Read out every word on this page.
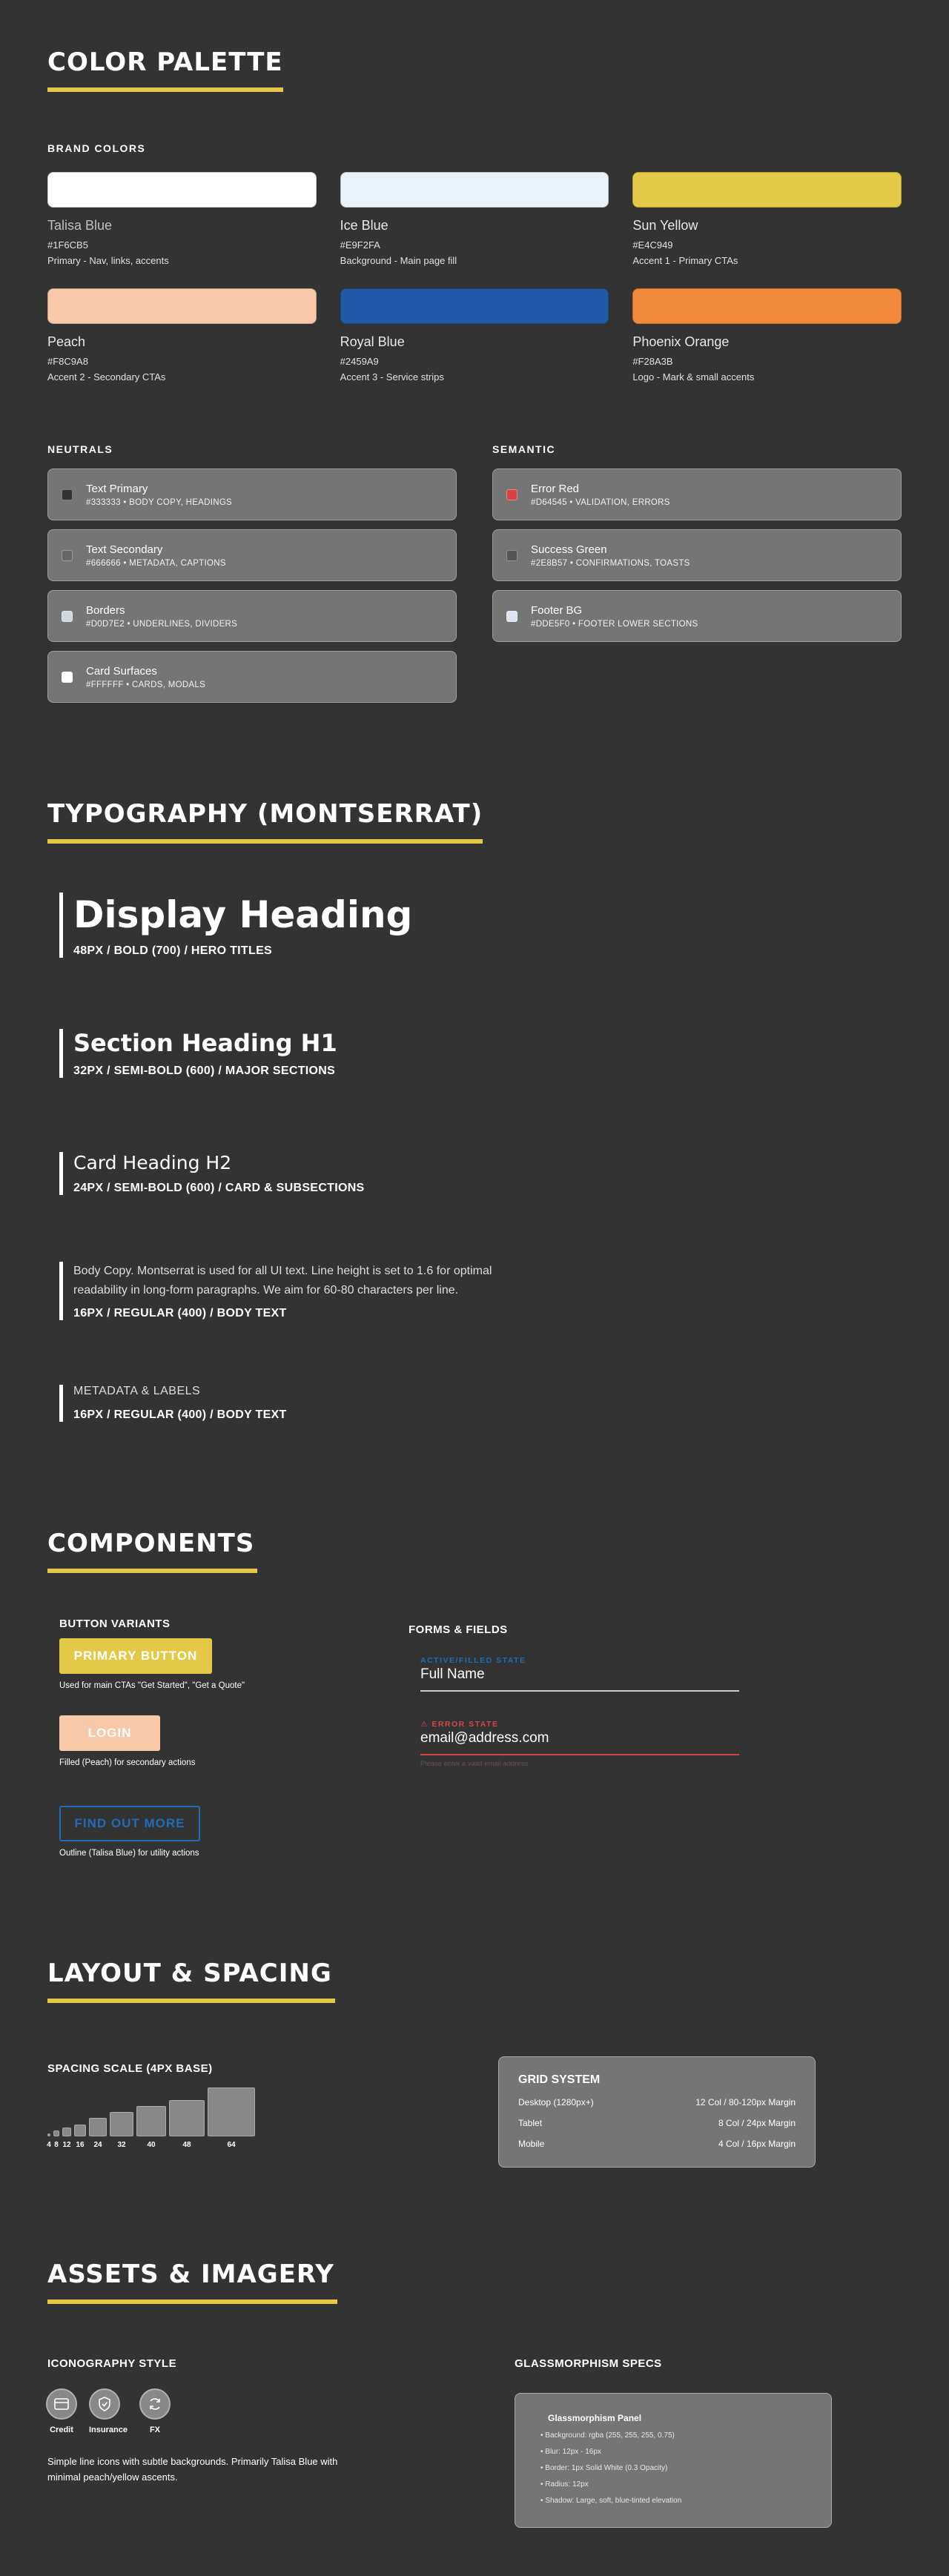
COLOR PALETTE
BRAND COLORS
Talisa Blue
#1F6CB5
Primary - Nav, links, accents
Ice Blue
#E9F2FA
Background - Main page fill
Sun Yellow
#E4C949
Accent 1 - Primary CTAs
Peach
#F8C9A8
Accent 2 - Secondary CTAs
Royal Blue
#2459A9
Accent 3 - Service strips
Phoenix Orange
#F28A3B
Logo - Mark & small accents
NEUTRALS	SEMANTIC
Text Primary
#333333 • BODY COPY, HEADINGS
Text Secondary
#666666 • METADATA, CAPTIONS
Borders
#D0D7E2 • UNDERLINES, DIVIDERS
Card Surfaces
#FFFFFF • CARDS, MODALS
Error Red
#D64545 • VALIDATION, ERRORS
Success Green
#2E8B57 • CONFIRMATIONS, TOASTS
Footer BG
#DDE5F0 • FOOTER LOWER SECTIONS
TYPOGRAPHY (MONTSERRAT)
Display Heading
48PX / BOLD (700) / HERO TITLES
Section Heading H1
32PX / SEMI-BOLD (600) / MAJOR SECTIONS
Card Heading H2
24PX / SEMI-BOLD (600) / CARD & SUBSECTIONS
Body Copy. Montserrat is used for all UI text. Line height is set to 1.6 for optimal
readability in long-form paragraphs. We aim for 60-80 characters per line.
16PX / REGULAR (400) / BODY TEXT
METADATA & LABELS
16PX / REGULAR (400) / BODY TEXT
COMPONENTS
BUTTON VARIANTS
PRIMARY BUTTON
Used for main CTAs "Get Started", "Get a Quote"
LOGIN
Filled (Peach) for secondary actions
FIND OUT MORE
Outline (Talisa Blue) for utility actions
FORMS & FIELDS
ACTIVE/FILLED STATE
Full Name
⚠ ERROR STATE
email@address.com
Please enter a valid email address
LAYOUT & SPACING
SPACING SCALE (4PX BASE)
4 8 12 16 24 32	40	48	64
GRID SYSTEM
Desktop (1280px+)	12 Col / 80-120px Margin
Tablet	8 Col / 24px Margin
Mobile	4 Col / 16px Margin
ASSETS & IMAGERY
ICONOGRAPHY STYLE
Credit	Insurance	FX
Simple line icons with subtle backgrounds. Primarily Talisa Blue with
minimal peach/yellow ascents.
GLASSMORPHISM SPECS
Glassmorphism Panel
• Background: rgba (255, 255, 255, 0.75)
• Blur: 12px - 16px
• Border: 1px Solid White (0.3 Opacity)
• Radius: 12px
• Shadow: Large, soft, blue-tinted elevation
